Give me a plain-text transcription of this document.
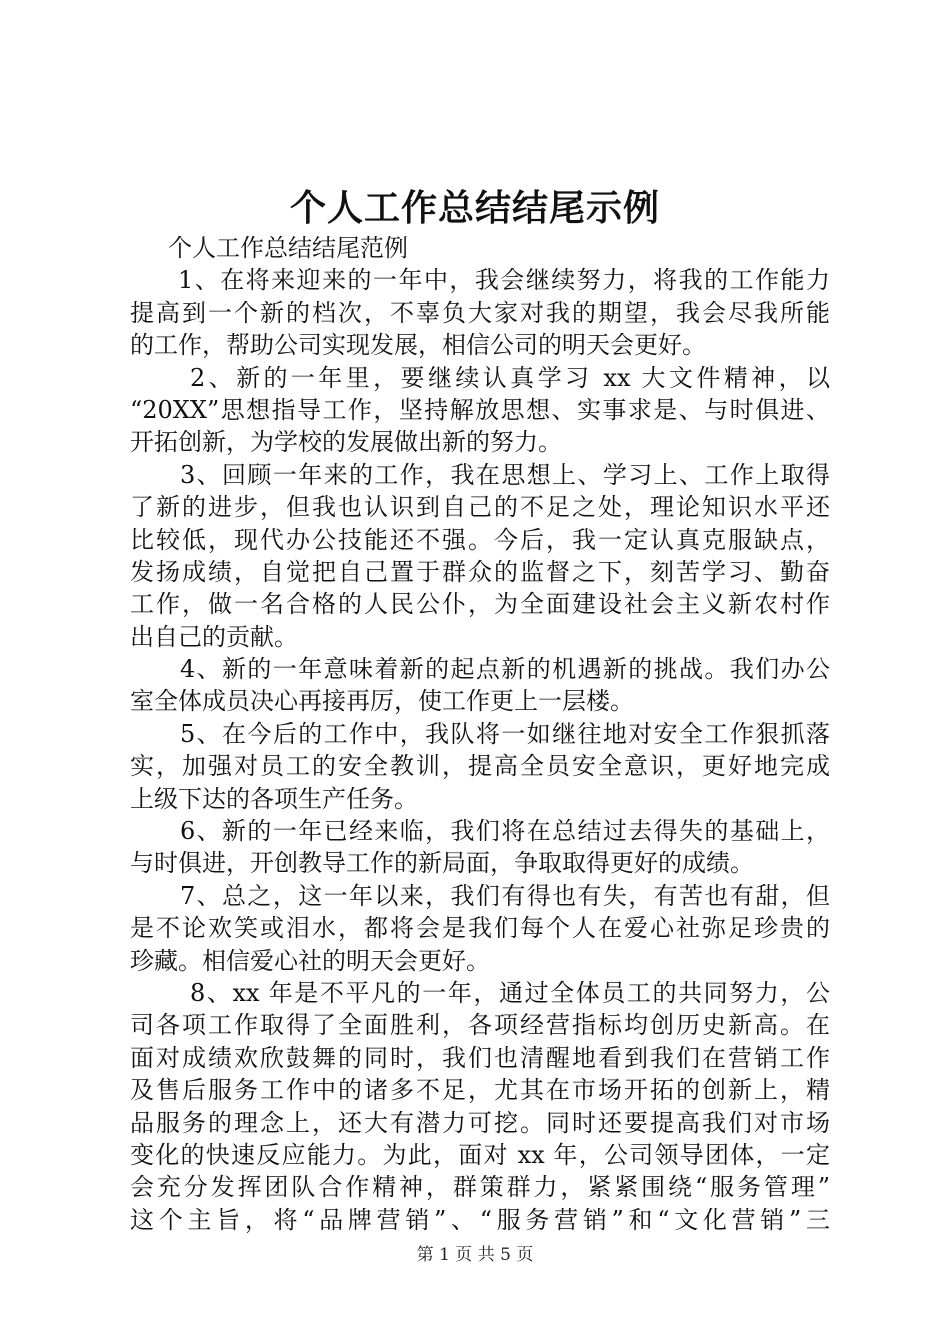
个人工作总结结尾示例
个人工作总结结尾范例
1、在将来迎来的一年中，我会继续努力，将我的工作能力
提高到一个新的档次，不辜负大家对我的期望，我会尽我所能
的工作，帮助公司实现发展，相信公司的明天会更好。
2、新的一年里，要继续认真学习 xx 大文件精神，以
“20XX”思想指导工作，坚持解放思想、实事求是、与时俱进、
开拓创新，为学校的发展做出新的努力。
3、回顾一年来的工作，我在思想上、学习上、工作上取得
了新的进步，但我也认识到自己的不足之处，理论知识水平还
比较低，现代办公技能还不强。今后，我一定认真克服缺点，
发扬成绩，自觉把自己置于群众的监督之下，刻苦学习、勤奋
工作，做一名合格的人民公仆，为全面建设社会主义新农村作
出自己的贡献。
4、新的一年意味着新的起点新的机遇新的挑战。我们办公
室全体成员决心再接再厉，使工作更上一层楼。
5、在今后的工作中，我队将一如继往地对安全工作狠抓落
实，加强对员工的安全教训，提高全员安全意识，更好地完成
上级下达的各项生产任务。
6、新的一年已经来临，我们将在总结过去得失的基础上，
与时俱进，开创教导工作的新局面，争取取得更好的成绩。
7、总之，这一年以来，我们有得也有失，有苦也有甜，但
是不论欢笑或泪水，都将会是我们每个人在爱心社弥足珍贵的
珍藏。相信爱心社的明天会更好。
8、xx 年是不平凡的一年，通过全体员工的共同努力，公
司各项工作取得了全面胜利，各项经营指标均创历史新高。在
面对成绩欢欣鼓舞的同时，我们也清醒地看到我们在营销工作
及售后服务工作中的诸多不足，尤其在市场开拓的创新上，精
品服务的理念上，还大有潜力可挖。同时还要提高我们对市场
变化的快速反应能力。为此，面对 xx 年，公司领导团体，一定
会充分发挥团队合作精神，群策群力，紧紧围绕“服务管理”
这个主旨，将“品牌营销”、“服务营销”和“文化营销”三
第 1 页 共 5 页
